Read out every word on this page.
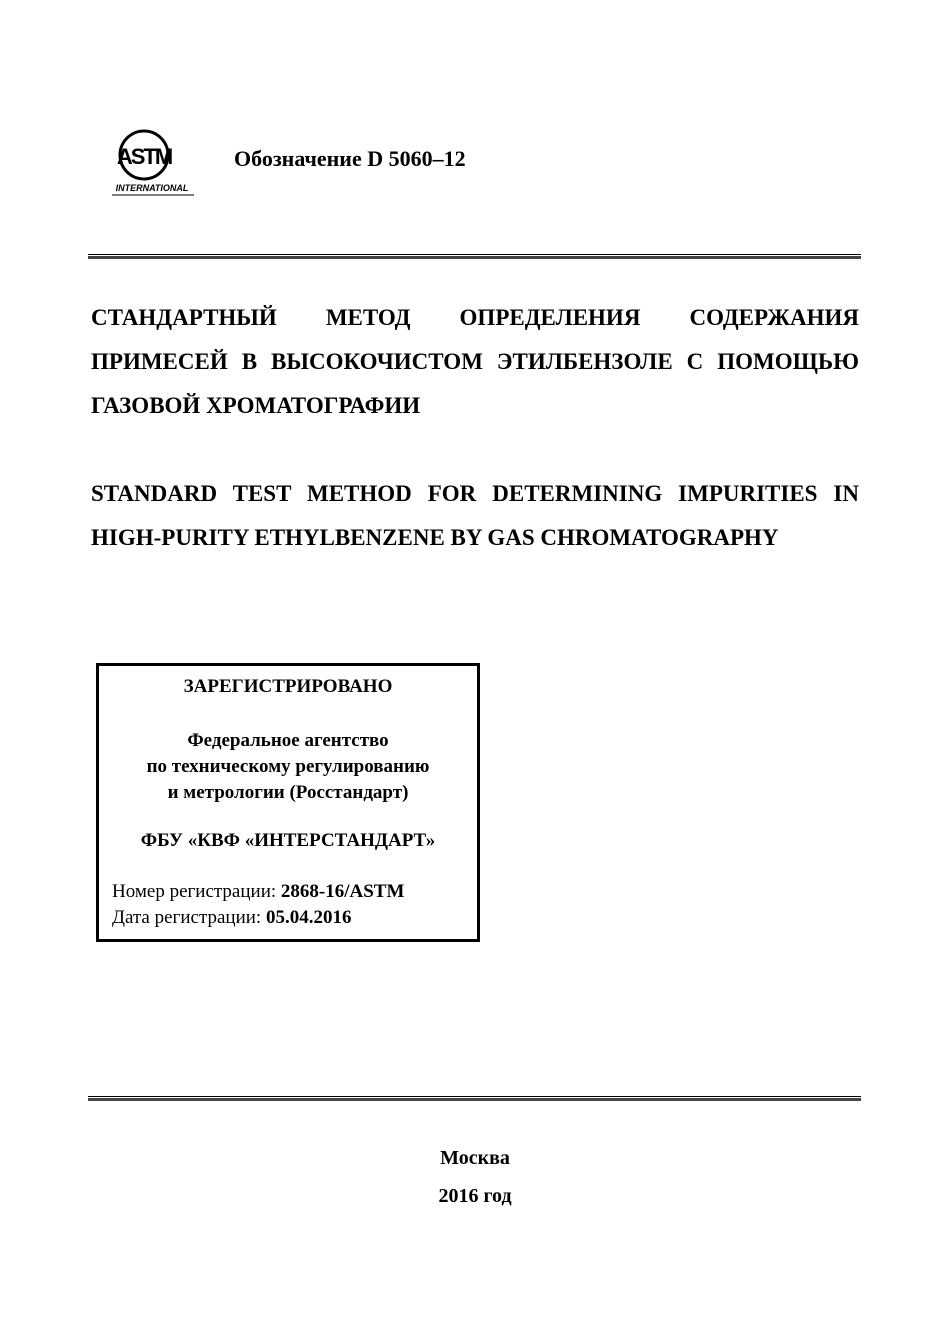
ASTM
INTERNATIONAL
Обозначение D 5060–12
СТАНДАРТНЫЙ МЕТОД ОПРЕДЕЛЕНИЯ СОДЕРЖАНИЯ ПРИМЕСЕЙ В ВЫСОКОЧИСТОМ ЭТИЛБЕНЗОЛЕ С ПОМОЩЬЮ ГАЗОВОЙ ХРОМАТОГРАФИИ
STANDARD TEST METHOD FOR DETERMINING IMPURITIES IN HIGH-PURITY ETHYLBENZENE BY GAS CHROMATOGRAPHY
ЗАРЕГИСТРИРОВАНО
Федеральное агентство
по техническому регулированию
и метрологии (Росстандарт)
ФБУ «КВФ «ИНТЕРСТАНДАРТ»
Номер регистрации: 2868-16/ASTM
Дата регистрации: 05.04.2016
Москва
2016 год
